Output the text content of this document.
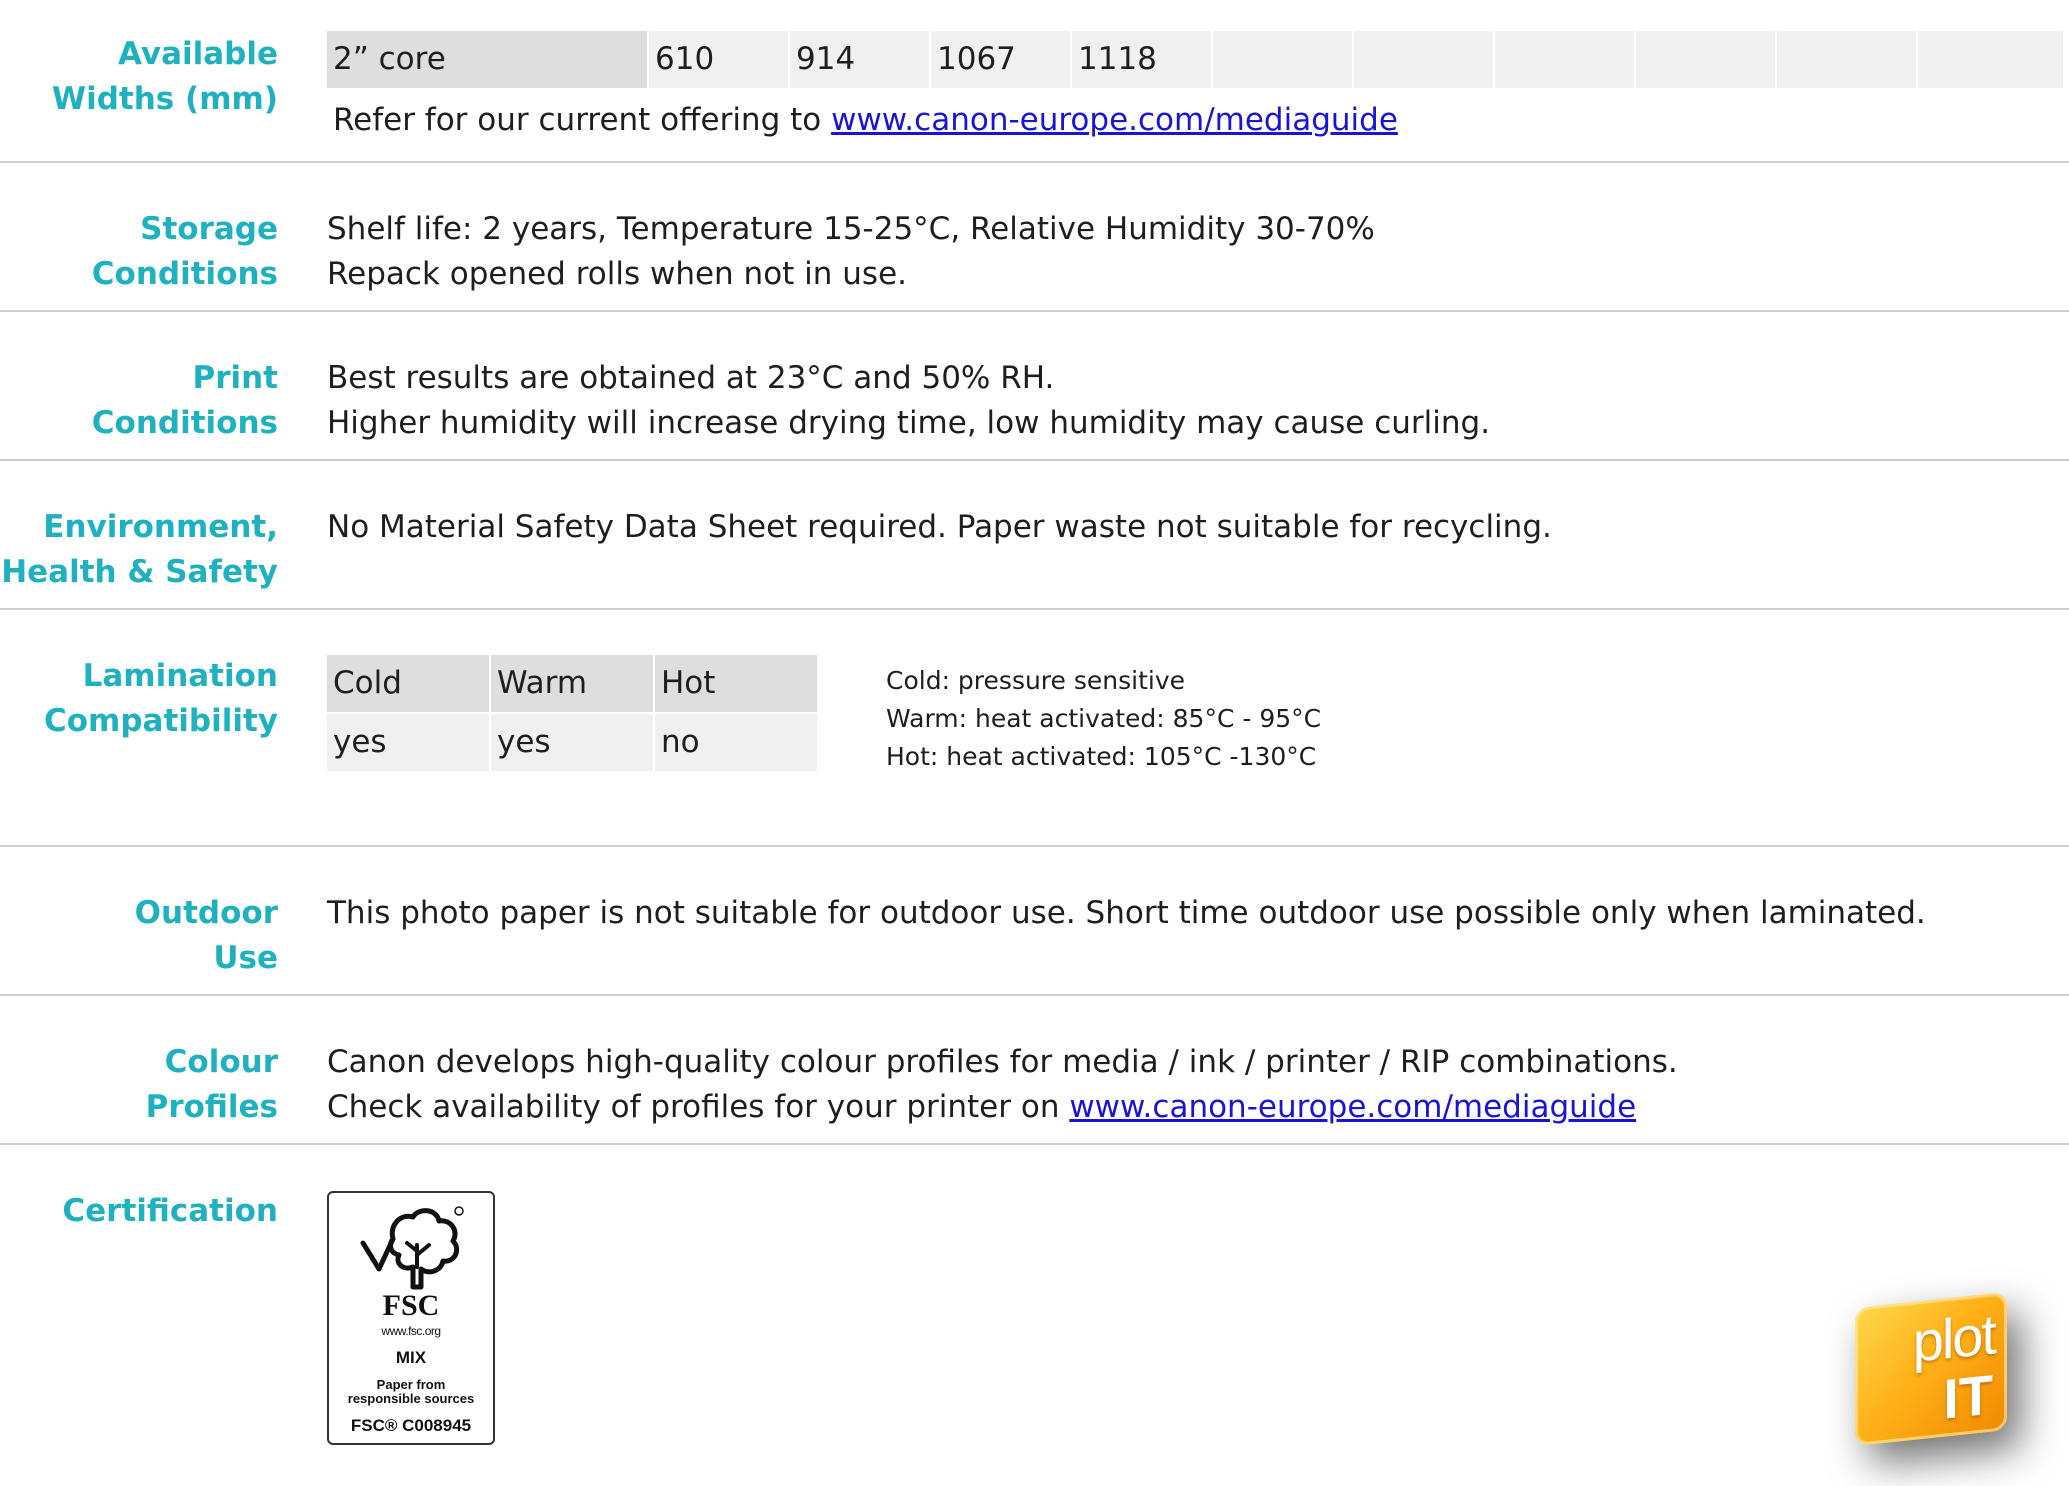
Available
Widths (mm)
2” core	610	914	1067	1118
Refer for our current offering to www.canon-europe.com/mediaguide
Storage
Conditions
Shelf life: 2 years, Temperature 15-25°C, Relative Humidity 30-70%
Repack opened rolls when not in use.
Print
Conditions
Best results are obtained at 23°C and 50% RH.
Higher humidity will increase drying time, low humidity may cause curling.
Environment,
Health & Safety
No Material Safety Data Sheet required. Paper waste not suitable for recycling.
Lamination
Compatibility
Cold	Warm	Hot
yes	yes	no
Cold: pressure sensitive
Warm: heat activated: 85°C - 95°C
Hot: heat activated: 105°C -130°C
Outdoor
Use
This photo paper is not suitable for outdoor use. Short time outdoor use possible only when laminated.
Colour
Profiles
Canon develops high-quality colour profiles for media / ink / printer / RIP combinations.
Check availability of profiles for your printer on www.canon-europe.com/mediaguide
Certification
FSC
www.fsc.org
MIX
Paper from
responsible sources
FSC® C008945
plot
IT
